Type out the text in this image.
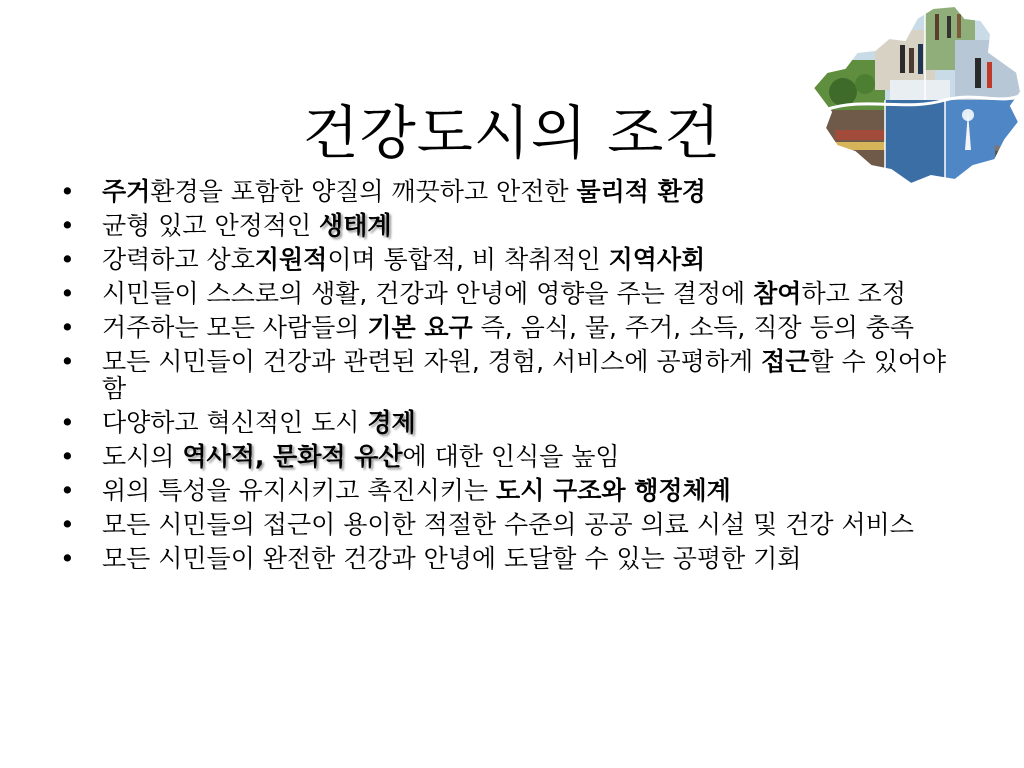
건강도시의 조건
• 주거환경을 포함한 양질의 깨끗하고 안전한 물리적 환경
• 균형 있고 안정적인 생태계
• 강력하고 상호지원적이며 통합적, 비 착취적인 지역사회
• 시민들이 스스로의 생활, 건강과 안녕에 영향을 주는 결정에 참여하고 조정
• 거주하는 모든 사람들의 기본 요구 즉, 음식, 물, 주거, 소득, 직장 등의 충족
• 모든 시민들이 건강과 관련된 자원, 경험, 서비스에 공평하게 접근할 수 있어야 함
• 다양하고 혁신적인 도시 경제
• 도시의 역사적, 문화적 유산에 대한 인식을 높임
• 위의 특성을 유지시키고 촉진시키는 도시 구조와 행정체계
• 모든 시민들의 접근이 용이한 적절한 수준의 공공 의료 시설 및 건강 서비스
• 모든 시민들이 완전한 건강과 안녕에 도달할 수 있는 공평한 기회
